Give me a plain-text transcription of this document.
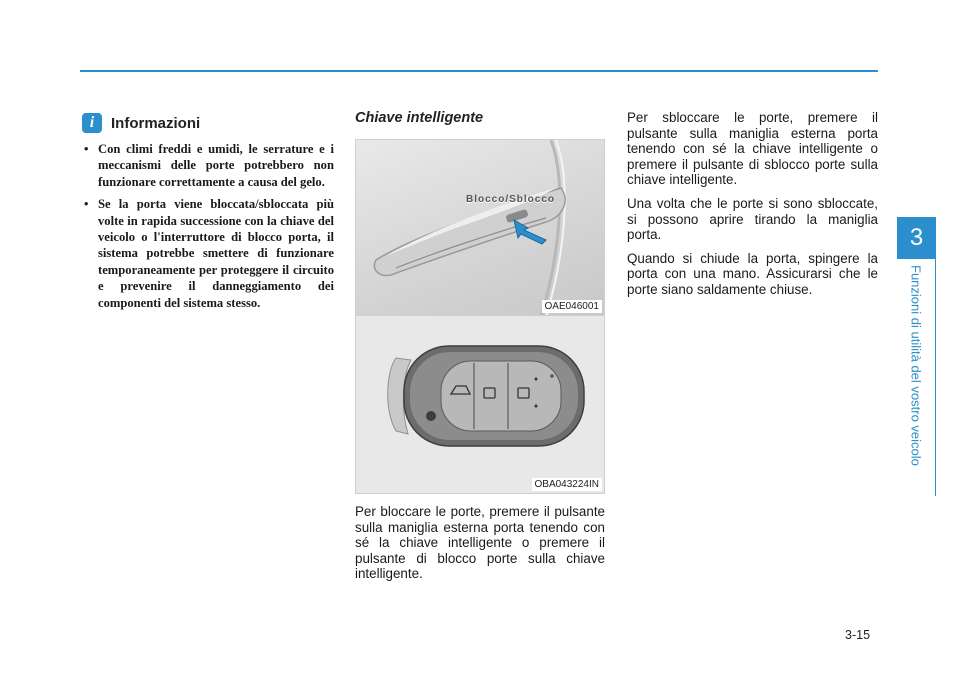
3
Funzioni di utilità del vostro veicolo
i	Informazioni
• Con climi freddi e umidi, le serrature e i meccanismi delle porte potrebbero non funzionare correttamente a causa del gelo.
• Se la porta viene bloccata/sbloccata più volte in rapida successione con la chiave del veicolo o l'interruttore di blocco porta, il sistema potrebbe smettere di funzionare temporaneamente per proteggere il circuito e prevenire il danneggiamento dei componenti del sistema stesso.
Chiave intelligente
Blocco/Sblocco
OAE046001
OBA043224IN

Per bloccare le porte, premere il pulsante sulla maniglia esterna porta tenendo con sé la chiave intelligente o premere il pulsante di blocco porte sulla chiave intelligente.

Per sbloccare le porte, premere il pulsante sulla maniglia esterna porta tenendo con sé la chiave intelligente o premere il pulsante di sblocco porte sulla chiave intelligente.

Una volta che le porte si sono sbloccate, si possono aprire tirando la maniglia porta.

Quando si chiude la porta, spingere la porta con una mano. Assicurarsi che le porte siano saldamente chiuse.

3-15
